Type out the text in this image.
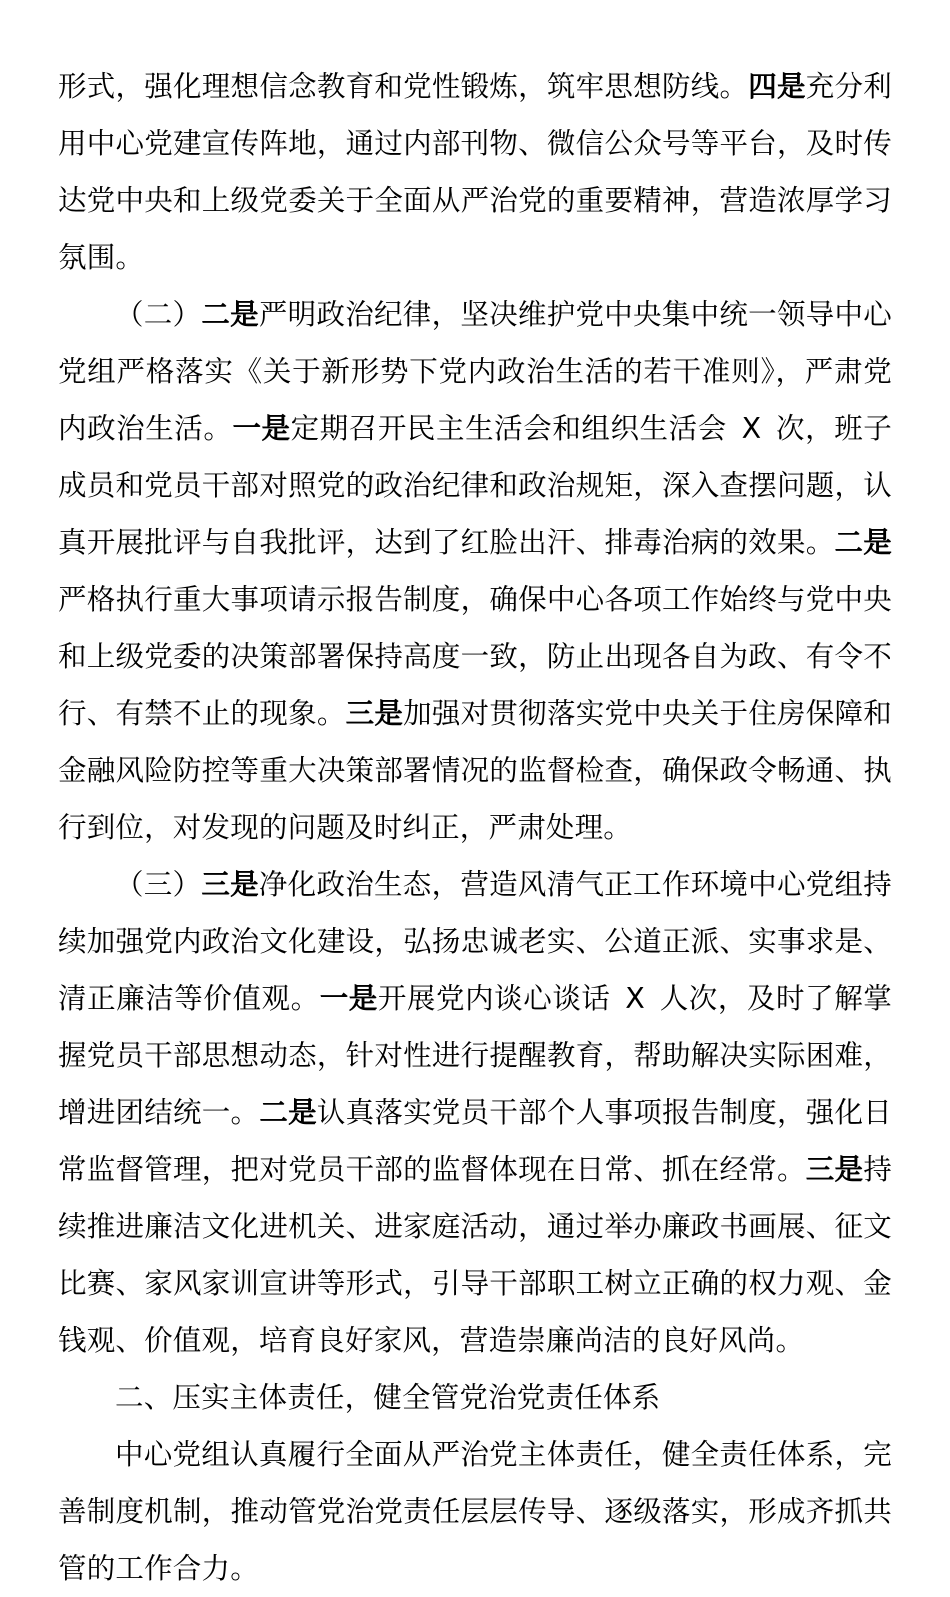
形式，强化理想信念教育和党性锻炼，筑牢思想防线。四是充分利用中心党建宣传阵地，通过内部刊物、微信公众号等平台，及时传达党中央和上级党委关于全面从严治党的重要精神，营造浓厚学习氛围。

（二）二是严明政治纪律，坚决维护党中央集中统一领导中心党组严格落实《关于新形势下党内政治生活的若干准则》，严肃党内政治生活。一是定期召开民主生活会和组织生活会 X 次，班子成员和党员干部对照党的政治纪律和政治规矩，深入查摆问题，认真开展批评与自我批评，达到了红脸出汗、排毒治病的效果。二是严格执行重大事项请示报告制度，确保中心各项工作始终与党中央和上级党委的决策部署保持高度一致，防止出现各自为政、有令不行、有禁不止的现象。三是加强对贯彻落实党中央关于住房保障和金融风险防控等重大决策部署情况的监督检查，确保政令畅通、执行到位，对发现的问题及时纠正，严肃处理。

（三）三是净化政治生态，营造风清气正工作环境中心党组持续加强党内政治文化建设，弘扬忠诚老实、公道正派、实事求是、清正廉洁等价值观。一是开展党内谈心谈话 X 人次，及时了解掌握党员干部思想动态，针对性进行提醒教育，帮助解决实际困难，增进团结统一。二是认真落实党员干部个人事项报告制度，强化日常监督管理，把对党员干部的监督体现在日常、抓在经常。三是持续推进廉洁文化进机关、进家庭活动，通过举办廉政书画展、征文比赛、家风家训宣讲等形式，引导干部职工树立正确的权力观、金钱观、价值观，培育良好家风，营造崇廉尚洁的良好风尚。

二、压实主体责任，健全管党治党责任体系

中心党组认真履行全面从严治党主体责任，健全责任体系，完善制度机制，推动管党治党责任层层传导、逐级落实，形成齐抓共管的工作合力。
